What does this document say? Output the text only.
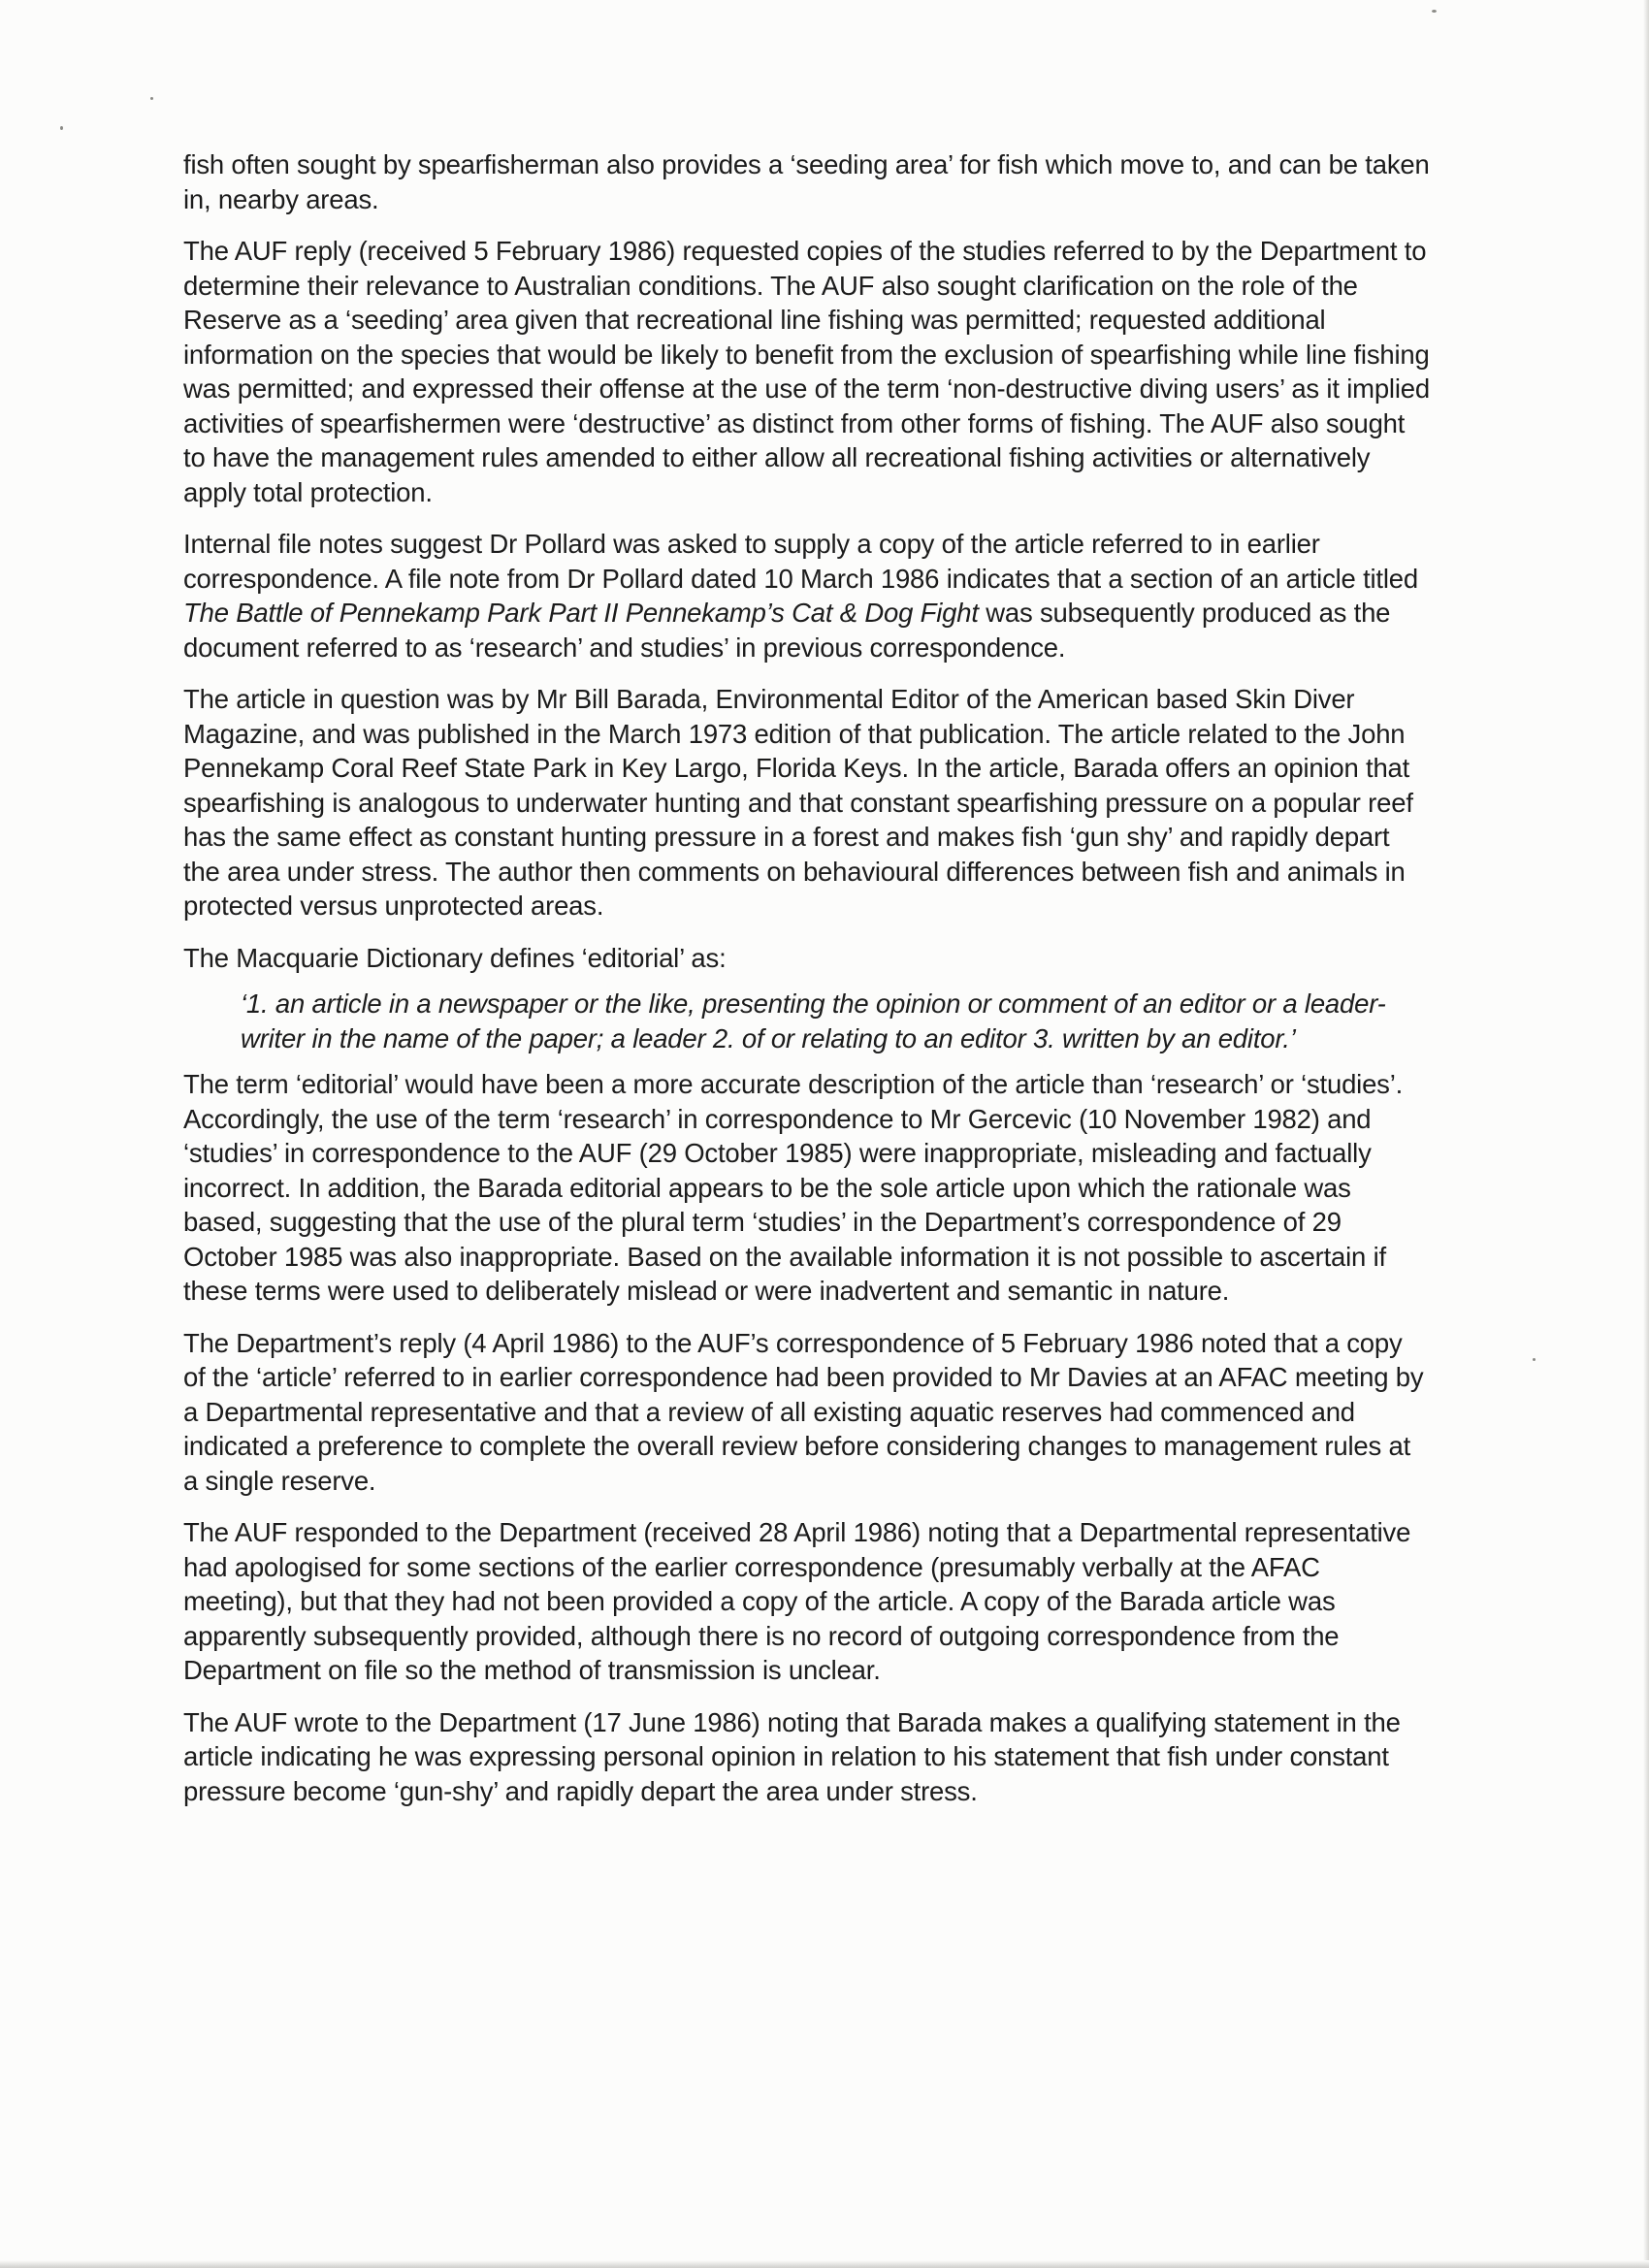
fish often sought by spearfisherman also provides a ‘seeding area’ for fish which move to, and can be taken in, nearby areas.

The AUF reply (received 5 February 1986) requested copies of the studies referred to by the Department to determine their relevance to Australian conditions. The AUF also sought clarification on the role of the Reserve as a ‘seeding’ area given that recreational line fishing was permitted; requested additional information on the species that would be likely to benefit from the exclusion of spearfishing while line fishing was permitted; and expressed their offense at the use of the term ‘non-destructive diving users’ as it implied activities of spearfishermen were ‘destructive’ as distinct from other forms of fishing. The AUF also sought to have the management rules amended to either allow all recreational fishing activities or alternatively apply total protection.

Internal file notes suggest Dr Pollard was asked to supply a copy of the article referred to in earlier correspondence. A file note from Dr Pollard dated 10 March 1986 indicates that a section of an article titled The Battle of Pennekamp Park Part II Pennekamp’s Cat & Dog Fight was subsequently produced as the document referred to as ‘research’ and studies’ in previous correspondence.

The article in question was by Mr Bill Barada, Environmental Editor of the American based Skin Diver Magazine, and was published in the March 1973 edition of that publication. The article related to the John Pennekamp Coral Reef State Park in Key Largo, Florida Keys. In the article, Barada offers an opinion that spearfishing is analogous to underwater hunting and that constant spearfishing pressure on a popular reef has the same effect as constant hunting pressure in a forest and makes fish ‘gun shy’ and rapidly depart the area under stress. The author then comments on behavioural differences between fish and animals in protected versus unprotected areas.

The Macquarie Dictionary defines ‘editorial’ as:

‘1. an article in a newspaper or the like, presenting the opinion or comment of an editor or a leader-writer in the name of the paper; a leader 2. of or relating to an editor 3. written by an editor.’

The term ‘editorial’ would have been a more accurate description of the article than ‘research’ or ‘studies’. Accordingly, the use of the term ‘research’ in correspondence to Mr Gercevic (10 November 1982) and ‘studies’ in correspondence to the AUF (29 October 1985) were inappropriate, misleading and factually incorrect. In addition, the Barada editorial appears to be the sole article upon which the rationale was based, suggesting that the use of the plural term ‘studies’ in the Department’s correspondence of 29 October 1985 was also inappropriate. Based on the available information it is not possible to ascertain if these terms were used to deliberately mislead or were inadvertent and semantic in nature.

The Department’s reply (4 April 1986) to the AUF’s correspondence of 5 February 1986 noted that a copy of the ‘article’ referred to in earlier correspondence had been provided to Mr Davies at an AFAC meeting by a Departmental representative and that a review of all existing aquatic reserves had commenced and indicated a preference to complete the overall review before considering changes to management rules at a single reserve.

The AUF responded to the Department (received 28 April 1986) noting that a Departmental representative had apologised for some sections of the earlier correspondence (presumably verbally at the AFAC meeting), but that they had not been provided a copy of the article. A copy of the Barada article was apparently subsequently provided, although there is no record of outgoing correspondence from the Department on file so the method of transmission is unclear.

The AUF wrote to the Department (17 June 1986) noting that Barada makes a qualifying statement in the article indicating he was expressing personal opinion in relation to his statement that fish under constant pressure become ‘gun-shy’ and rapidly depart the area under stress.
